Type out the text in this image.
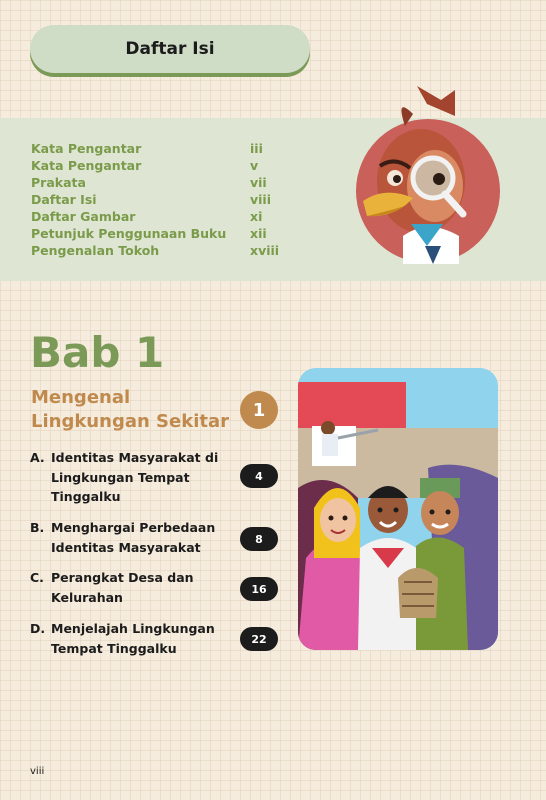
Daftar Isi
Kata Pengantar	iii
Kata Pengantar	v
Prakata	vii
Daftar Isi	viii
Daftar Gambar	xi
Petunjuk Penggunaan Buku	xii
Pengenalan Tokoh	xviii
Bab 1
Mengenal Lingkungan Sekitar
1
A. Identitas Masyarakat di Lingkungan Tempat Tinggalku
4
B. Menghargai Perbedaan Identitas Masyarakat
8
C. Perangkat Desa dan Kelurahan
16
D. Menjelajah Lingkungan Tempat Tinggalku
22
viii
